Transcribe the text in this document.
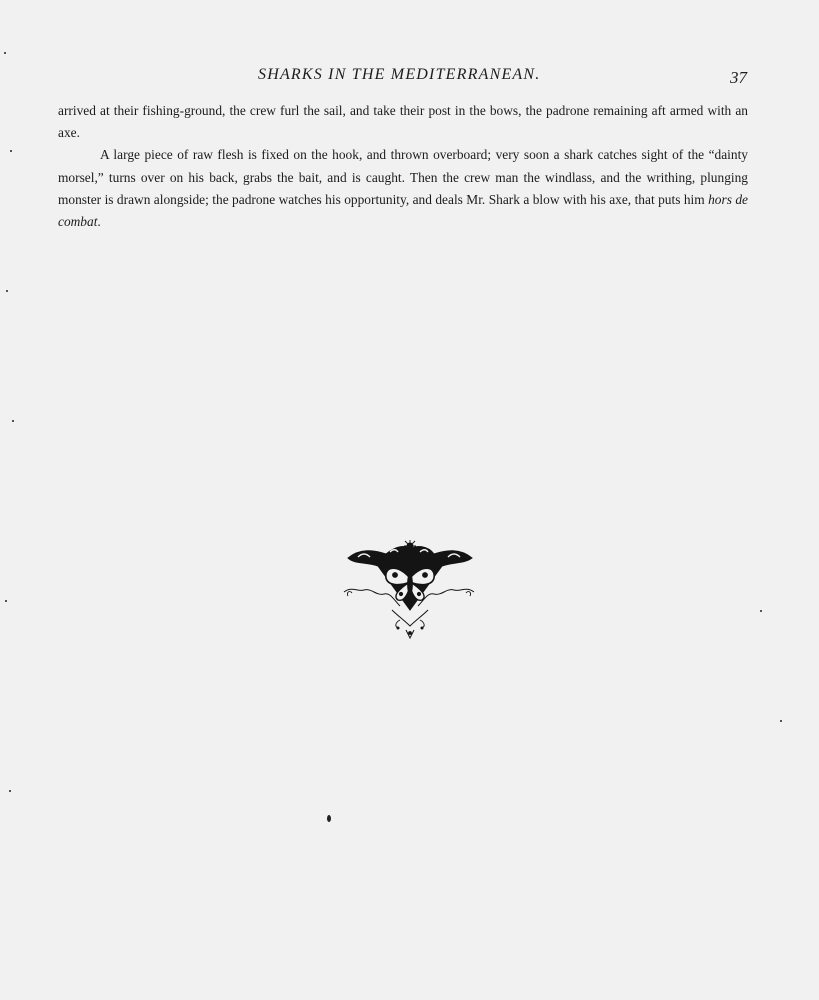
SHARKS IN THE MEDITERRANEAN.	37

arrived at their fishing-ground, the crew furl the sail, and take their post in the bows, the padrone remaining aft armed with an axe.

A large piece of raw flesh is fixed on the hook, and thrown overboard; very soon a shark catches sight of the “dainty morsel,” turns over on his back, grabs the bait, and is caught. Then the crew man the windlass, and the writhing, plunging monster is drawn alongside; the padrone watches his opportunity, and deals Mr. Shark a blow with his axe, that puts him hors de combat.
